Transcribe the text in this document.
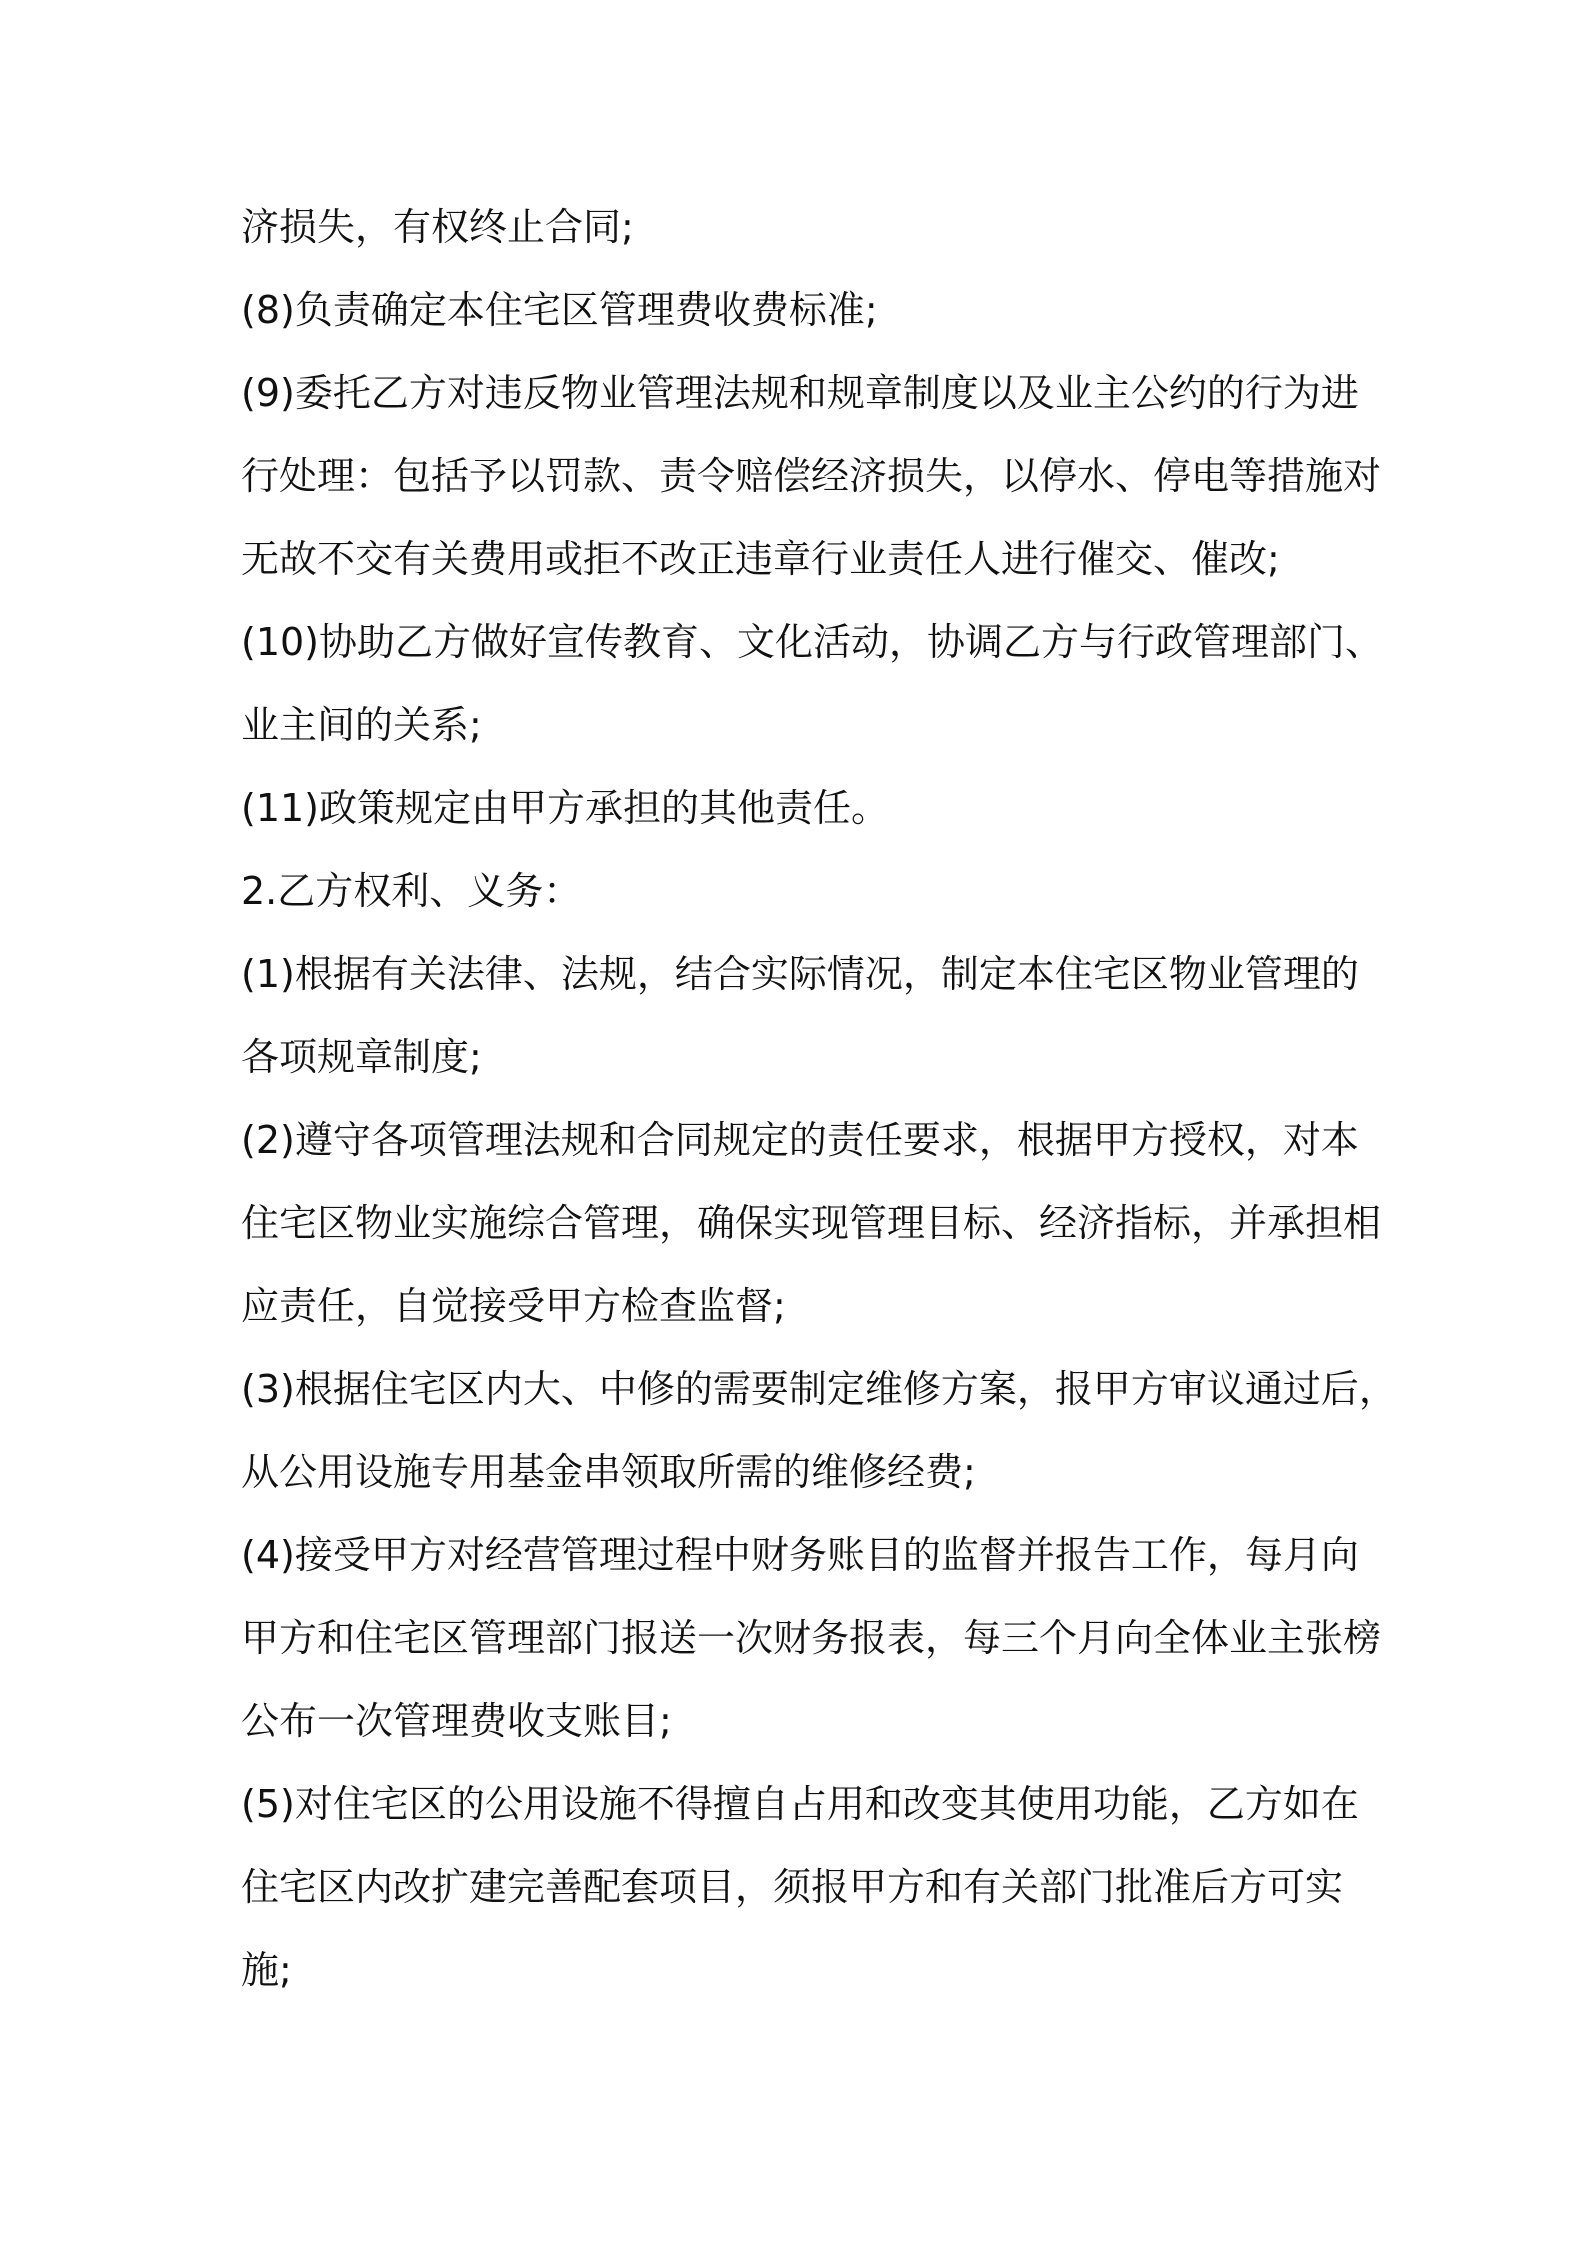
济损失，有权终止合同;
(8)负责确定本住宅区管理费收费标准;
(9)委托乙方对违反物业管理法规和规章制度以及业主公约的行为进
行处理：包括予以罚款、责令赔偿经济损失，以停水、停电等措施对
无故不交有关费用或拒不改正违章行业责任人进行催交、催改;
(10)协助乙方做好宣传教育、文化活动，协调乙方与行政管理部门、
业主间的关系;
(11)政策规定由甲方承担的其他责任。
2.乙方权利、义务：
(1)根据有关法律、法规，结合实际情况，制定本住宅区物业管理的
各项规章制度;
(2)遵守各项管理法规和合同规定的责任要求，根据甲方授权，对本
住宅区物业实施综合管理，确保实现管理目标、经济指标，并承担相
应责任，自觉接受甲方检查监督;
(3)根据住宅区内大、中修的需要制定维修方案，报甲方审议通过后，
从公用设施专用基金串领取所需的维修经费;
(4)接受甲方对经营管理过程中财务账目的监督并报告工作，每月向
甲方和住宅区管理部门报送一次财务报表，每三个月向全体业主张榜
公布一次管理费收支账目;
(5)对住宅区的公用设施不得擅自占用和改变其使用功能，乙方如在
住宅区内改扩建完善配套项目，须报甲方和有关部门批准后方可实
施;
